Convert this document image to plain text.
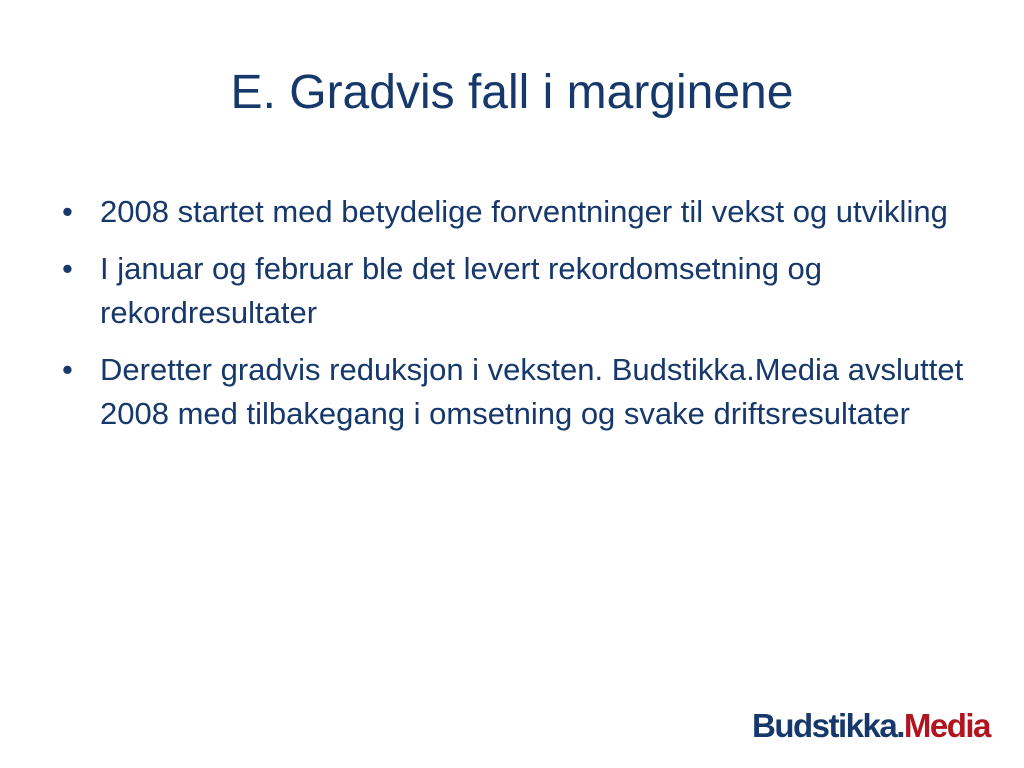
E. Gradvis fall i marginene
• 2008 startet med betydelige forventninger til vekst og utvikling
• I januar og februar ble det levert rekordomsetning og rekordresultater
• Deretter gradvis reduksjon i veksten. Budstikka.Media avsluttet 2008 med tilbakegang i omsetning og svake driftsresultater
Budstikka.Media
